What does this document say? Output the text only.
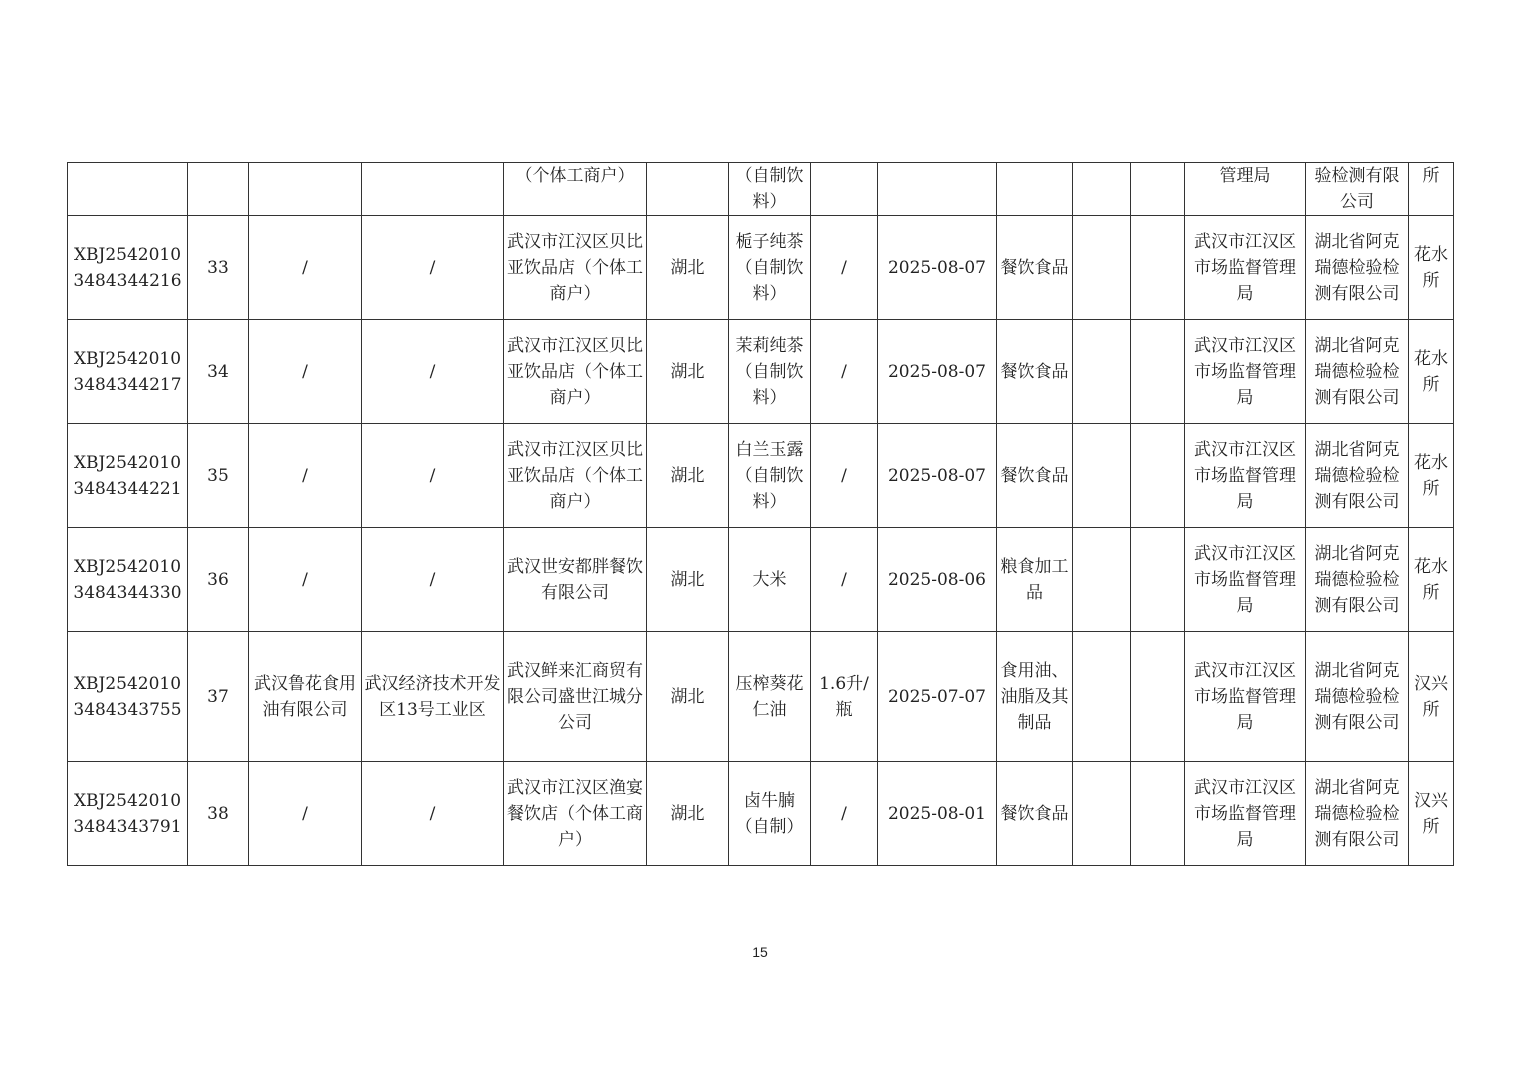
				（个体工商户）		（自制饮料）						管理局	验检测有限公司	所
XBJ25420103484344216	33	/	/	武汉市江汉区贝比亚饮品店（个体工商户）	湖北	栀子纯茶（自制饮料）	/	2025-08-07	餐饮食品			武汉市江汉区市场监督管理局	湖北省阿克瑞德检验检测有限公司	花水所
XBJ25420103484344217	34	/	/	武汉市江汉区贝比亚饮品店（个体工商户）	湖北	茉莉纯茶（自制饮料）	/	2025-08-07	餐饮食品			武汉市江汉区市场监督管理局	湖北省阿克瑞德检验检测有限公司	花水所
XBJ25420103484344221	35	/	/	武汉市江汉区贝比亚饮品店（个体工商户）	湖北	白兰玉露（自制饮料）	/	2025-08-07	餐饮食品			武汉市江汉区市场监督管理局	湖北省阿克瑞德检验检测有限公司	花水所
XBJ25420103484344330	36	/	/	武汉世安都胖餐饮有限公司	湖北	大米	/	2025-08-06	粮食加工品			武汉市江汉区市场监督管理局	湖北省阿克瑞德检验检测有限公司	花水所
XBJ25420103484343755	37	武汉鲁花食用油有限公司	武汉经济技术开发区13号工业区	武汉鲜来汇商贸有限公司盛世江城分公司	湖北	压榨葵花仁油	1.6升/瓶	2025-07-07	食用油、油脂及其制品			武汉市江汉区市场监督管理局	湖北省阿克瑞德检验检测有限公司	汉兴所
XBJ25420103484343791	38	/	/	武汉市江汉区渔宴餐饮店（个体工商户）	湖北	卤牛腩（自制）	/	2025-08-01	餐饮食品			武汉市江汉区市场监督管理局	湖北省阿克瑞德检验检测有限公司	汉兴所
15
